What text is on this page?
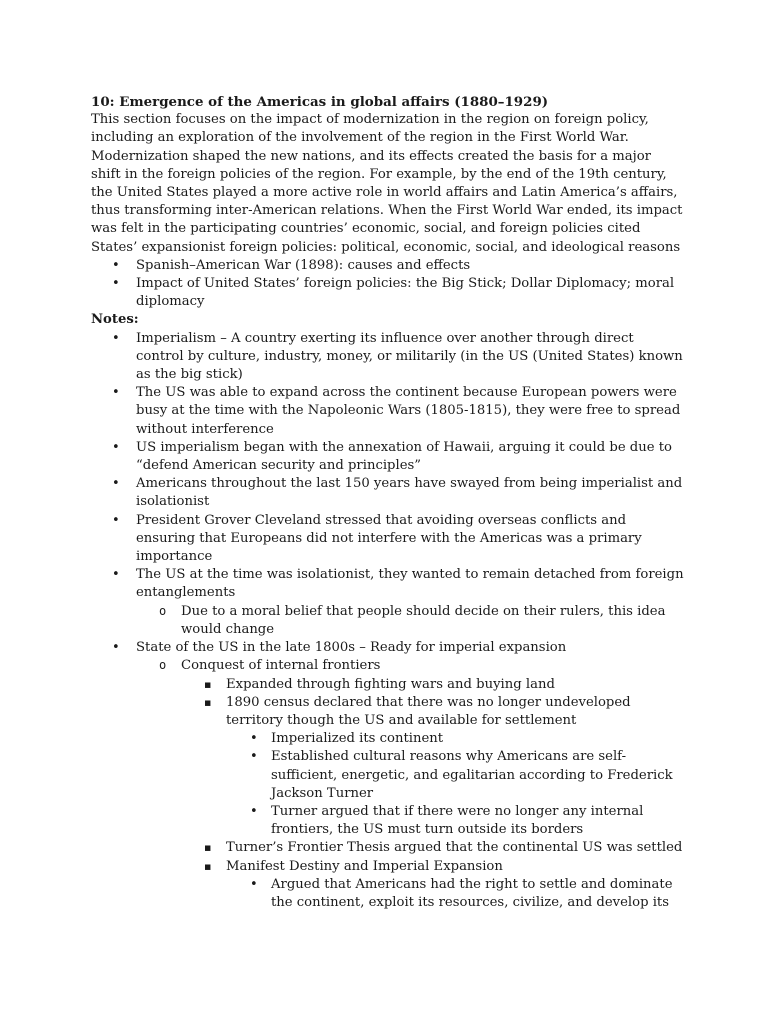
10: Emergence of the Americas in global affairs (1880–1929)

This section focuses on the impact of modernization in the region on foreign policy, including an exploration of the involvement of the region in the First World War. Modernization shaped the new nations, and its effects created the basis for a major shift in the foreign policies of the region. For example, by the end of the 19th century, the United States played a more active role in world affairs and Latin America’s affairs, thus transforming inter-American relations. When the First World War ended, its impact was felt in the participating countries’ economic, social, and foreign policies cited States’ expansionist foreign policies: political, economic, social, and ideological reasons

• Spanish–American War (1898): causes and effects
• Impact of United States’ foreign policies: the Big Stick; Dollar Diplomacy; moral diplomacy

Notes:

• Imperialism – A country exerting its influence over another through direct control by culture, industry, money, or militarily (in the US (United States) known as the big stick)
• The US was able to expand across the continent because European powers were busy at the time with the Napoleonic Wars (1805-1815), they were free to spread without interference
• US imperialism began with the annexation of Hawaii, arguing it could be due to “defend American security and principles”
• Americans throughout the last 150 years have swayed from being imperialist and isolationist
• President Grover Cleveland stressed that avoiding overseas conflicts and ensuring that Europeans did not interfere with the Americas was a primary importance
• The US at the time was isolationist, they wanted to remain detached from foreign entanglements
o Due to a moral belief that people should decide on their rulers, this idea would change
• State of the US in the late 1800s – Ready for imperial expansion
o Conquest of internal frontiers
▪ Expanded through fighting wars and buying land
▪ 1890 census declared that there was no longer undeveloped territory though the US and available for settlement
• Imperialized its continent
• Established cultural reasons why Americans are self-sufficient, energetic, and egalitarian according to Frederick Jackson Turner
• Turner argued that if there were no longer any internal frontiers, the US must turn outside its borders
▪ Turner’s Frontier Thesis argued that the continental US was settled
▪ Manifest Destiny and Imperial Expansion
• Argued that Americans had the right to settle and dominate the continent, exploit its resources, civilize, and develop its
